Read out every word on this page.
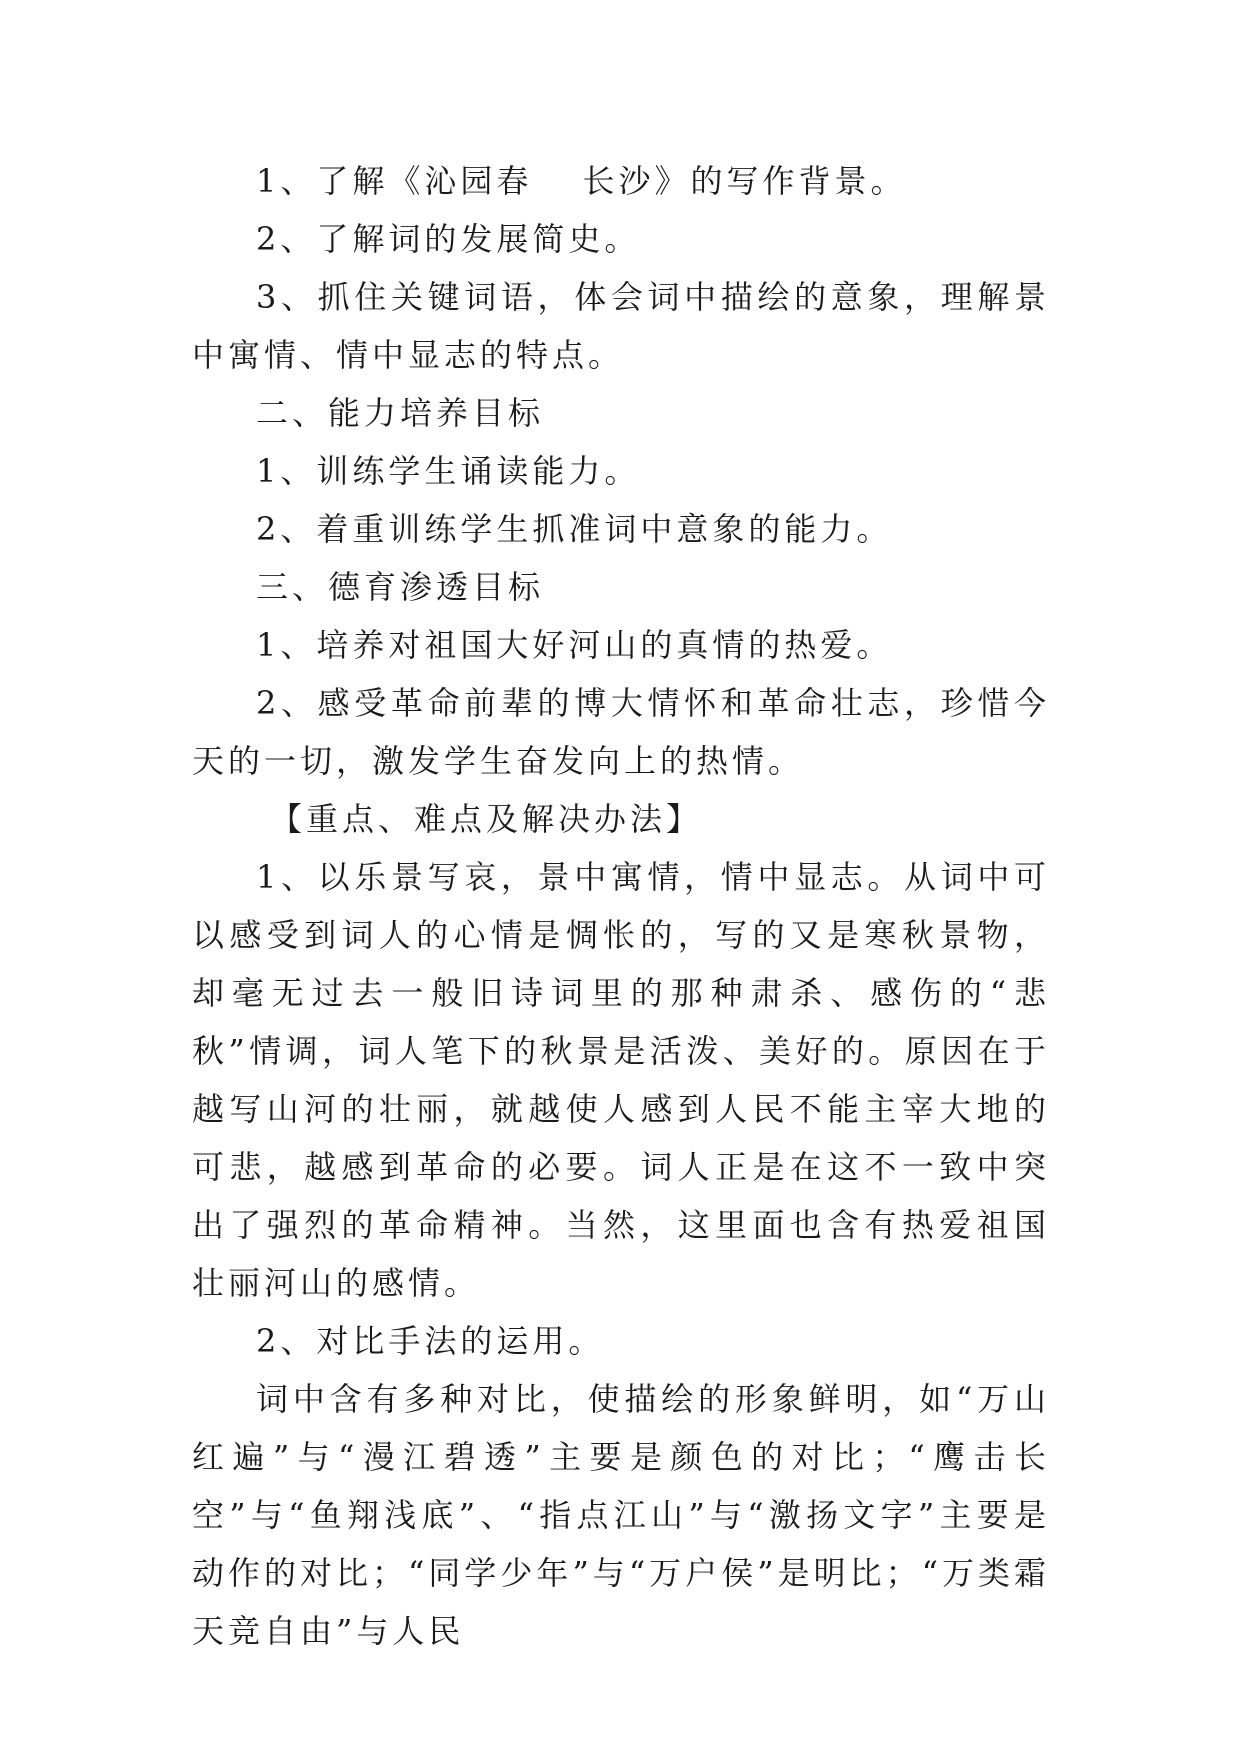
1、了解《沁园春　 长沙》的写作背景。

2、了解词的发展简史。

3、抓住关键词语，体会词中描绘的意象，理解景中寓情、情中显志的特点。

二、能力培养目标

1、训练学生诵读能力。

2、着重训练学生抓准词中意象的能力。

三、德育渗透目标

1、培养对祖国大好河山的真情的热爱。

2、感受革命前辈的博大情怀和革命壮志，珍惜今天的一切，激发学生奋发向上的热情。

【重点、难点及解决办法】

1、以乐景写哀，景中寓情，情中显志。从词中可以感受到词人的心情是惆怅的，写的又是寒秋景物，却毫无过去一般旧诗词里的那种肃杀、感伤的“悲秋”情调，词人笔下的秋景是活泼、美好的。原因在于越写山河的壮丽，就越使人感到人民不能主宰大地的可悲，越感到革命的必要。词人正是在这不一致中突出了强烈的革命精神。当然，这里面也含有热爱祖国壮丽河山的感情。

2、对比手法的运用。

词中含有多种对比，使描绘的形象鲜明，如“万山红遍”与“漫江碧透”主要是颜色的对比；“鹰击长空”与“鱼翔浅底”、“指点江山”与“激扬文字”主要是动作的对比；“同学少年”与“万户侯”是明比；“万类霜天竞自由”与人民
